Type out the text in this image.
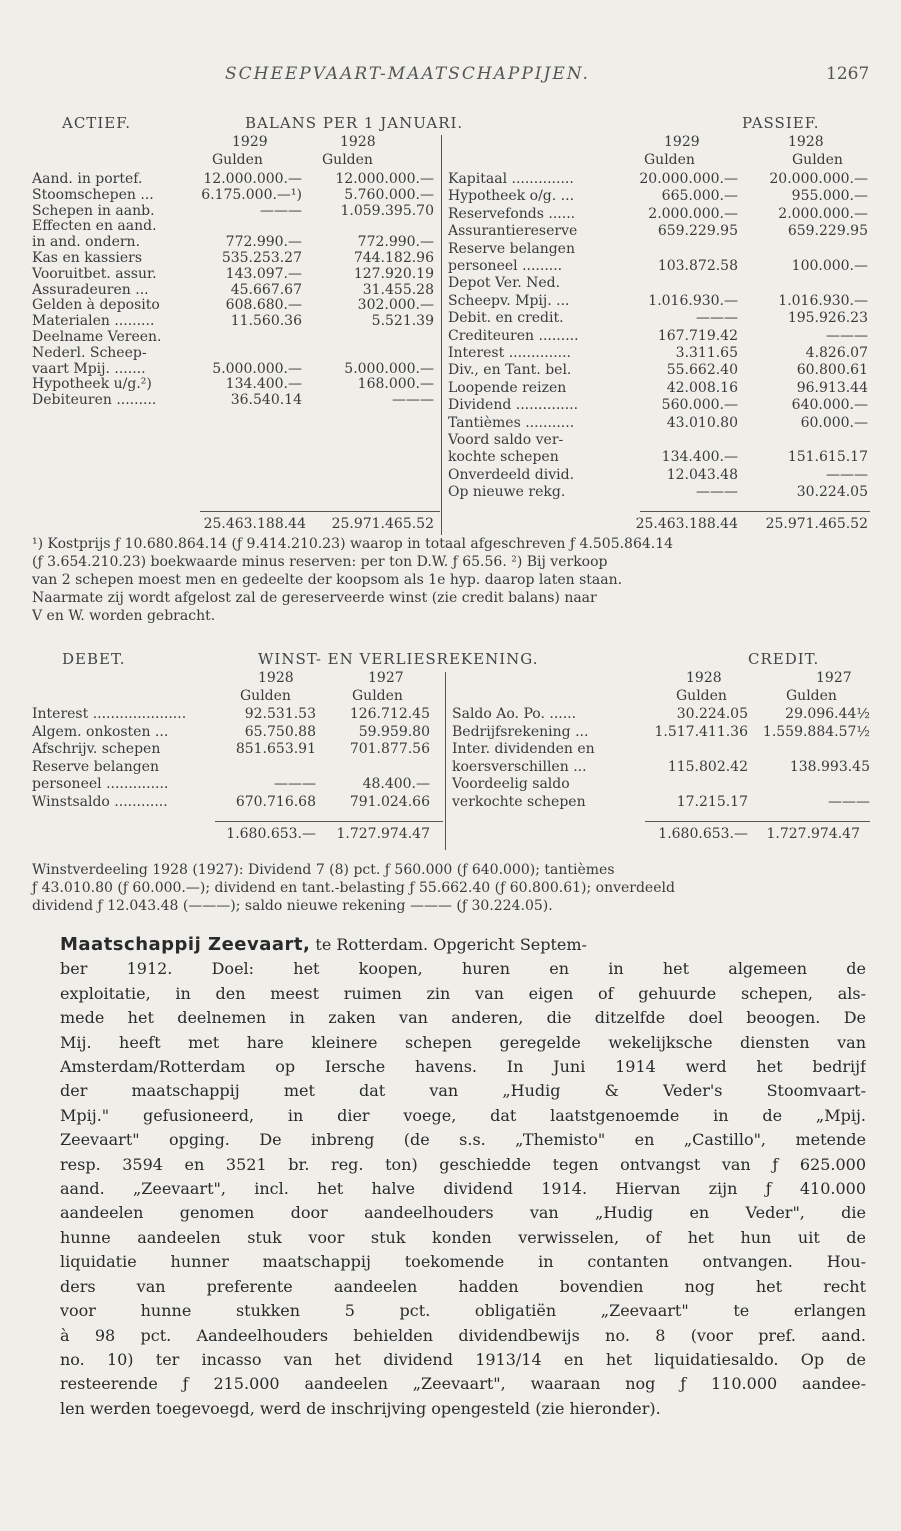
SCHEEPVAART-MAATSCHAPPIJEN.	1267
ACTIEF.	BALANS PER 1 JANUARI.	PASSIEF.
1929	1928	1929	1928
Gulden	Gulden	Gulden	Gulden
Aand. in portef.	12.000.000.—	12.000.000.—
Stoomschepen ...	6.175.000.—¹)	5.760.000.—
Schepen in aanb.	———	1.059.395.70
Effecten en aand.
in and. ondern.	772.990.—	772.990.—
Kas en kassiers	535.253.27	744.182.96
Vooruitbet. assur.	143.097.—	127.920.19
Assuradeuren ...	45.667.67	31.455.28
Gelden à deposito	608.680.—	302.000.—
Materialen .........	11.560.36	5.521.39
Deelname Vereen.
Nederl. Scheep-
vaart Mpij. .......	5.000.000.—	5.000.000.—
Hypotheek u/g.²)	134.400.—	168.000.—
Debiteuren .........	36.540.14	———
Kapitaal ..............	20.000.000.—	20.000.000.—
Hypotheek o/g. ...	665.000.—	955.000.—
Reservefonds ......	2.000.000.—	2.000.000.—
Assurantiereserve	659.229.95	659.229.95
Reserve belangen
personeel .........	103.872.58	100.000.—
Depot Ver. Ned.
Scheepv. Mpij. ...	1.016.930.—	1.016.930.—
Debit. en credit.	———	195.926.23
Crediteuren .........	167.719.42	———
Interest ..............	3.311.65	4.826.07
Div., en Tant. bel.	55.662.40	60.800.61
Loopende reizen	42.008.16	96.913.44
Dividend ..............	560.000.—	640.000.—
Tantièmes ...........	43.010.80	60.000.—
Voord saldo ver-
kochte schepen	134.400.—	151.615.17
Onverdeeld divid.	12.043.48	———
Op nieuwe rekg.	———	30.224.05
25.463.188.44	25.971.465.52	25.463.188.44	25.971.465.52
¹) Kostprijs ƒ 10.680.864.14 (ƒ 9.414.210.23) waarop in totaal afgeschreven ƒ 4.505.864.14
(ƒ 3.654.210.23) boekwaarde minus reserven: per ton D.W. ƒ 65.56. ²) Bij verkoop
van 2 schepen moest men en gedeelte der koopsom als 1e hyp. daarop laten staan.
Naarmate zij wordt afgelost zal de gereserveerde winst (zie credit balans) naar
V en W. worden gebracht.
DEBET.	WINST- EN VERLIESREKENING.	CREDIT.
1928	1927	1928	1927
Gulden	Gulden	Gulden	Gulden
Interest .....................	92.531.53	126.712.45
Algem. onkosten ...	65.750.88	59.959.80
Afschrijv. schepen	851.653.91	701.877.56
Reserve belangen
personeel ..............	———	48.400.—
Winstsaldo ............	670.716.68	791.024.66
Saldo Ao. Po. ......	30.224.05	29.096.44½
Bedrijfsrekening ...	1.517.411.36	1.559.884.57½
Inter. dividenden en
koersverschillen ...	115.802.42	138.993.45
Voordeelig saldo
verkochte schepen	17.215.17	———
1.680.653.—	1.727.974.47	1.680.653.—	1.727.974.47
Winstverdeeling 1928 (1927): Dividend 7 (8) pct. ƒ 560.000 (ƒ 640.000); tantièmes
ƒ 43.010.80 (ƒ 60.000.—); dividend en tant.-belasting ƒ 55.662.40 (ƒ 60.800.61); onverdeeld
dividend ƒ 12.043.48 (———); saldo nieuwe rekening ——— (ƒ 30.224.05).
Maatschappij Zeevaart, te Rotterdam. Opgericht Septem-
ber 1912. Doel: het koopen, huren en in het algemeen de
exploitatie, in den meest ruimen zin van eigen of gehuurde schepen, als-
mede het deelnemen in zaken van anderen, die ditzelfde doel beoogen. De
Mij. heeft met hare kleinere schepen geregelde wekelijksche diensten van
Amsterdam/Rotterdam op Iersche havens. In Juni 1914 werd het bedrijf
der maatschappij met dat van „Hudig & Veder's Stoomvaart-
Mpij." gefusioneerd, in dier voege, dat laatstgenoemde in de „Mpij.
Zeevaart" opging. De inbreng (de s.s. „Themisto" en „Castillo", metende
resp. 3594 en 3521 br. reg. ton) geschiedde tegen ontvangst van ƒ 625.000
aand. „Zeevaart", incl. het halve dividend 1914. Hiervan zijn ƒ 410.000
aandeelen genomen door aandeelhouders van „Hudig en Veder", die
hunne aandeelen stuk voor stuk konden verwisselen, of het hun uit de
liquidatie hunner maatschappij toekomende in contanten ontvangen. Hou-
ders van preferente aandeelen hadden bovendien nog het recht
voor hunne stukken 5 pct. obligatiën „Zeevaart" te erlangen
à 98 pct. Aandeelhouders behielden dividendbewijs no. 8 (voor pref. aand.
no. 10) ter incasso van het dividend 1913/14 en het liquidatiesaldo. Op de
resteerende ƒ 215.000 aandeelen „Zeevaart", waaraan nog ƒ 110.000 aandee-
len werden toegevoegd, werd de inschrijving opengesteld (zie hieronder).
